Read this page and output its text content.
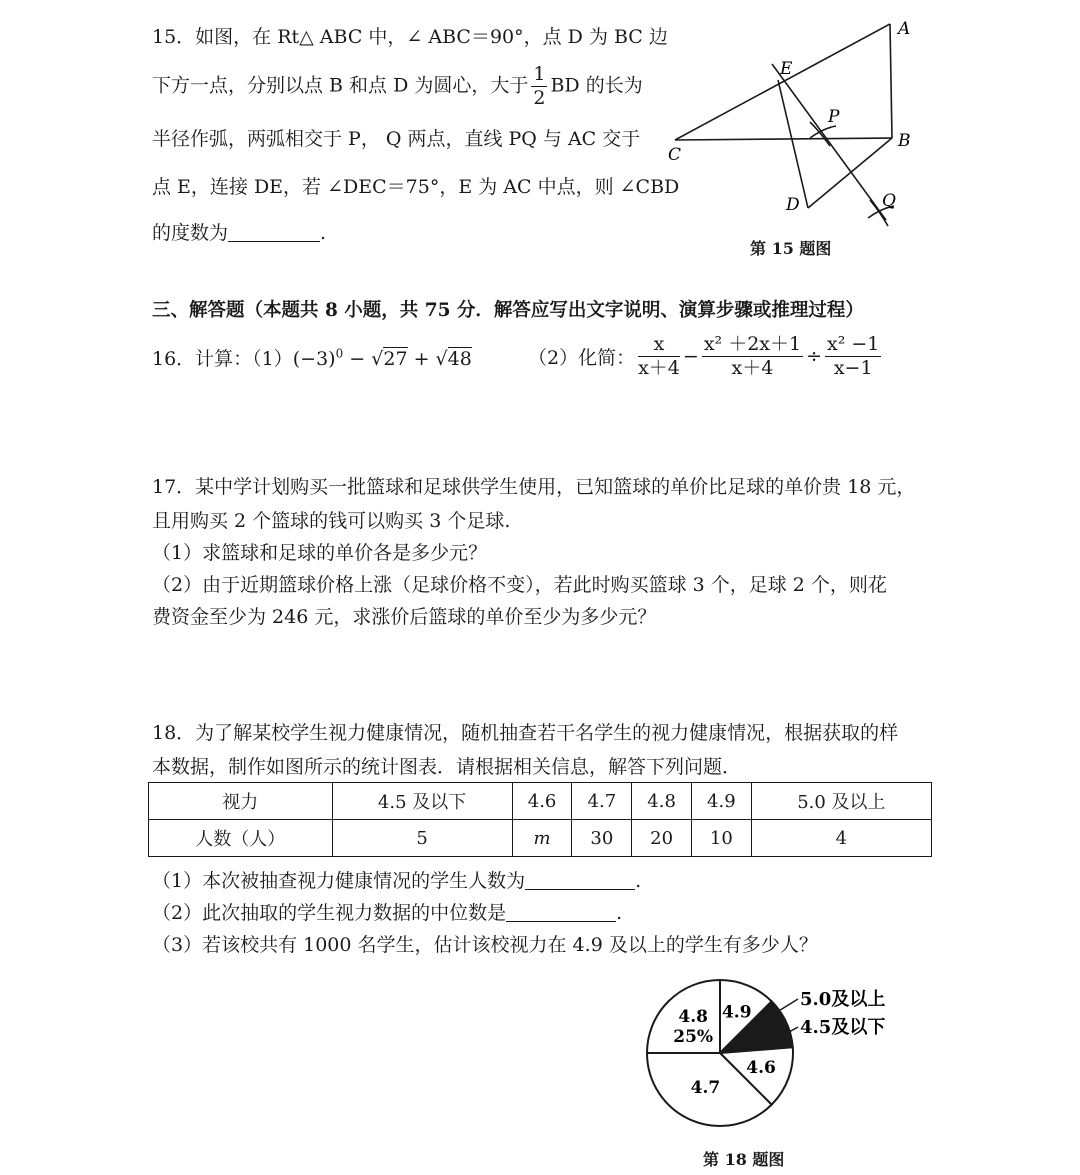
15．如图，在 Rt△ ABC 中，∠ ABC＝90°，点 D 为 BC 边
下方一点，分别以点 B 和点 D 为圆心，大于 $\frac{1}{2}$ BD 的长为
半径作弧，两弧相交于 P， Q 两点，直线 PQ 与 AC 交于
点 E，连接 DE，若 ∠DEC＝75°，E 为 AC 中点，则 ∠CBD
的度数为	.
A
B
C
D
E
P
Q
第 15 题图
三、解答题（本题共 8 小题，共 75 分．解答应写出文字说明、演算步骤或推理过程）
16．计算：$(1)(-3)^0 - √27 + √48$	（2）化简： $\frac{x}{x+4} - \frac{\text{x² ＋2x＋1}}{x+4} \div \frac{\text{x² −1}}{x-1}$
17．某中学计划购买一批篮球和足球供学生使用，已知篮球的单价比足球的单价贵 18 元，
且用购买 2 个篮球的钱可以购买 3 个足球.
（1）求篮球和足球的单价各是多少元？
（2）由于近期篮球价格上涨（足球价格不变），若此时购买篮球 3 个，足球 2 个，则花
费资金至少为 246 元，求涨价后篮球的单价至少为多少元？
18．为了解某校学生视力健康情况，随机抽查若干名学生的视力健康情况，根据获取的样
本数据，制作如图所示的统计图表．请根据相关信息，解答下列问题．
视力	4.5 及以下	4.6	4.7	4.8	4.9	5.0 及以上
人数（人）	5	m	30	20	10	4
（1）本次被抽查视力健康情况的学生人数为	.
（2）此次抽取的学生视力数据的中位数是	.
（3）若该校共有 1000 名学生，估计该校视力在 4.9 及以上的学生有多少人？
4.8
25%
4.9
4.6
4.7
5.0及以上
4.5及以下
第 18 题图
